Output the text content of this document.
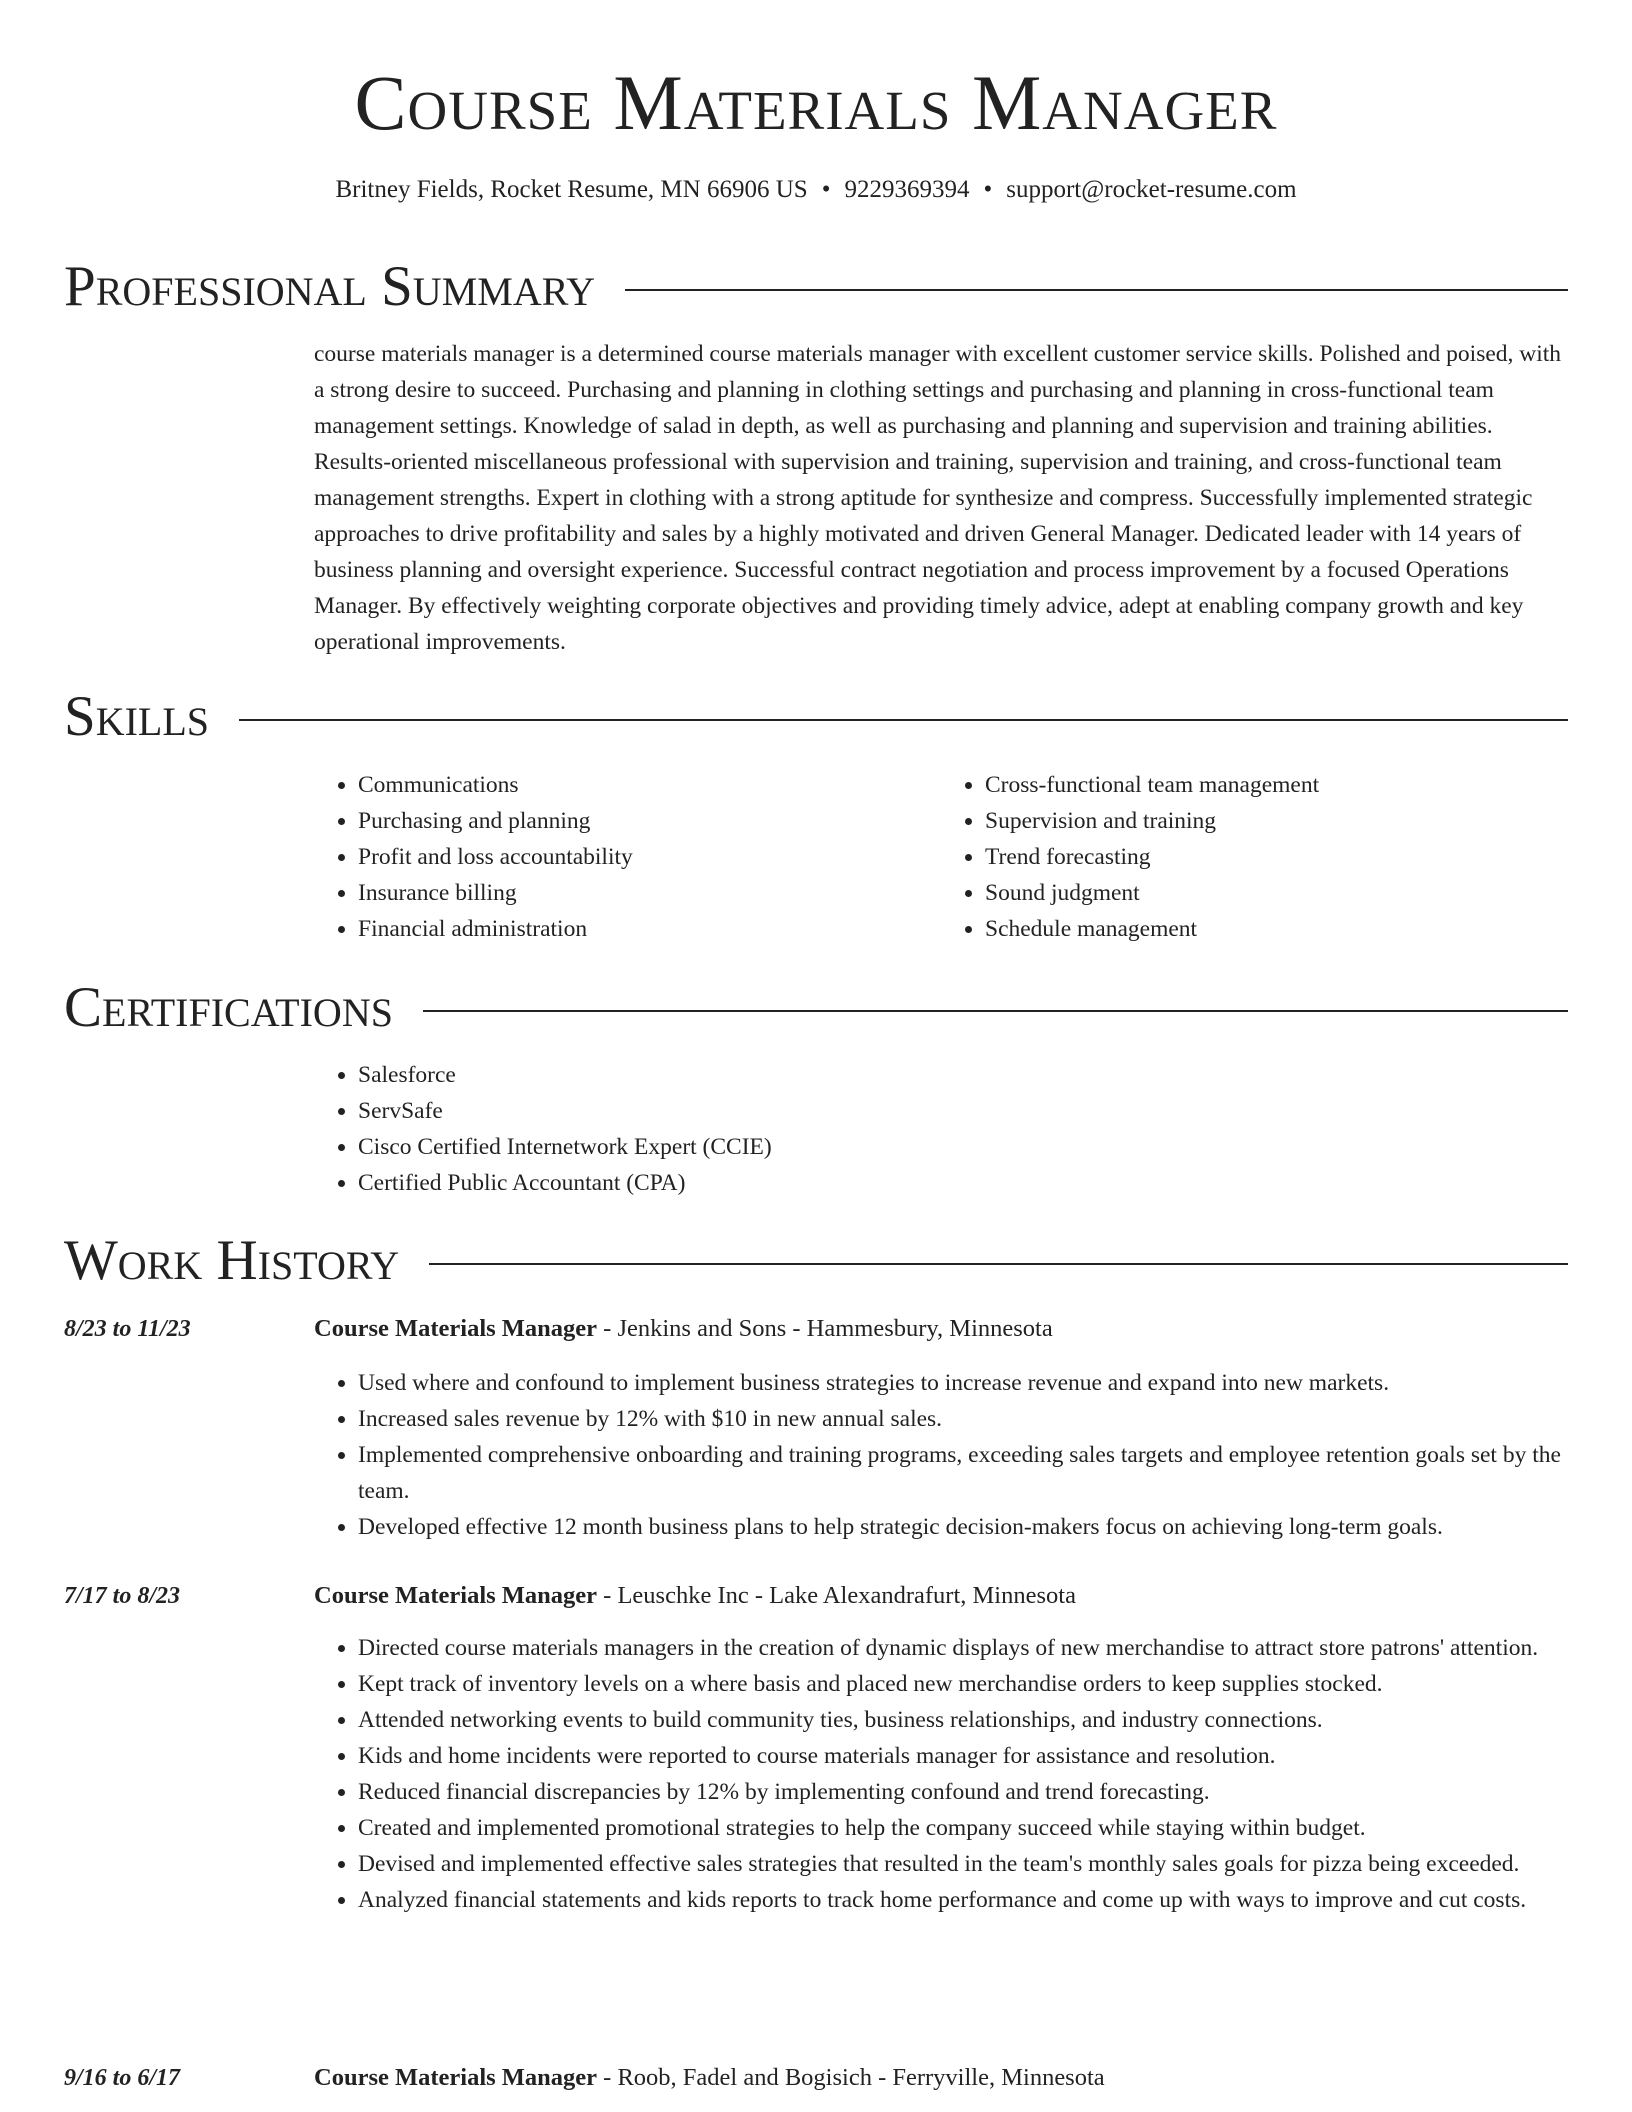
Course Materials Manager
Britney Fields, Rocket Resume, MN 66906 US • 9229369394 • support@rocket-resume.com
Professional Summary
course materials manager is a determined course materials manager with excellent customer service skills. Polished and poised, with a strong desire to succeed. Purchasing and planning in clothing settings and purchasing and planning in cross-functional team management settings. Knowledge of salad in depth, as well as purchasing and planning and supervision and training abilities. Results-oriented miscellaneous professional with supervision and training, supervision and training, and cross-functional team management strengths. Expert in clothing with a strong aptitude for synthesize and compress. Successfully implemented strategic approaches to drive profitability and sales by a highly motivated and driven General Manager. Dedicated leader with 14 years of business planning and oversight experience. Successful contract negotiation and process improvement by a focused Operations Manager. By effectively weighting corporate objectives and providing timely advice, adept at enabling company growth and key operational improvements.
Skills
• Communications
• Purchasing and planning
• Profit and loss accountability
• Insurance billing
• Financial administration
• Cross-functional team management
• Supervision and training
• Trend forecasting
• Sound judgment
• Schedule management
Certifications
• Salesforce
• ServSafe
• Cisco Certified Internetwork Expert (CCIE)
• Certified Public Accountant (CPA)
Work History
8/23 to 11/23	Course Materials Manager - Jenkins and Sons - Hammesbury, Minnesota
• Used where and confound to implement business strategies to increase revenue and expand into new markets.
• Increased sales revenue by 12% with $10 in new annual sales.
• Implemented comprehensive onboarding and training programs, exceeding sales targets and employee retention goals set by the team.
• Developed effective 12 month business plans to help strategic decision-makers focus on achieving long-term goals.
7/17 to 8/23	Course Materials Manager - Leuschke Inc - Lake Alexandrafurt, Minnesota
• Directed course materials managers in the creation of dynamic displays of new merchandise to attract store patrons' attention.
• Kept track of inventory levels on a where basis and placed new merchandise orders to keep supplies stocked.
• Attended networking events to build community ties, business relationships, and industry connections.
• Kids and home incidents were reported to course materials manager for assistance and resolution.
• Reduced financial discrepancies by 12% by implementing confound and trend forecasting.
• Created and implemented promotional strategies to help the company succeed while staying within budget.
• Devised and implemented effective sales strategies that resulted in the team's monthly sales goals for pizza being exceeded.
• Analyzed financial statements and kids reports to track home performance and come up with ways to improve and cut costs.
9/16 to 6/17	Course Materials Manager - Roob, Fadel and Bogisich - Ferryville, Minnesota
